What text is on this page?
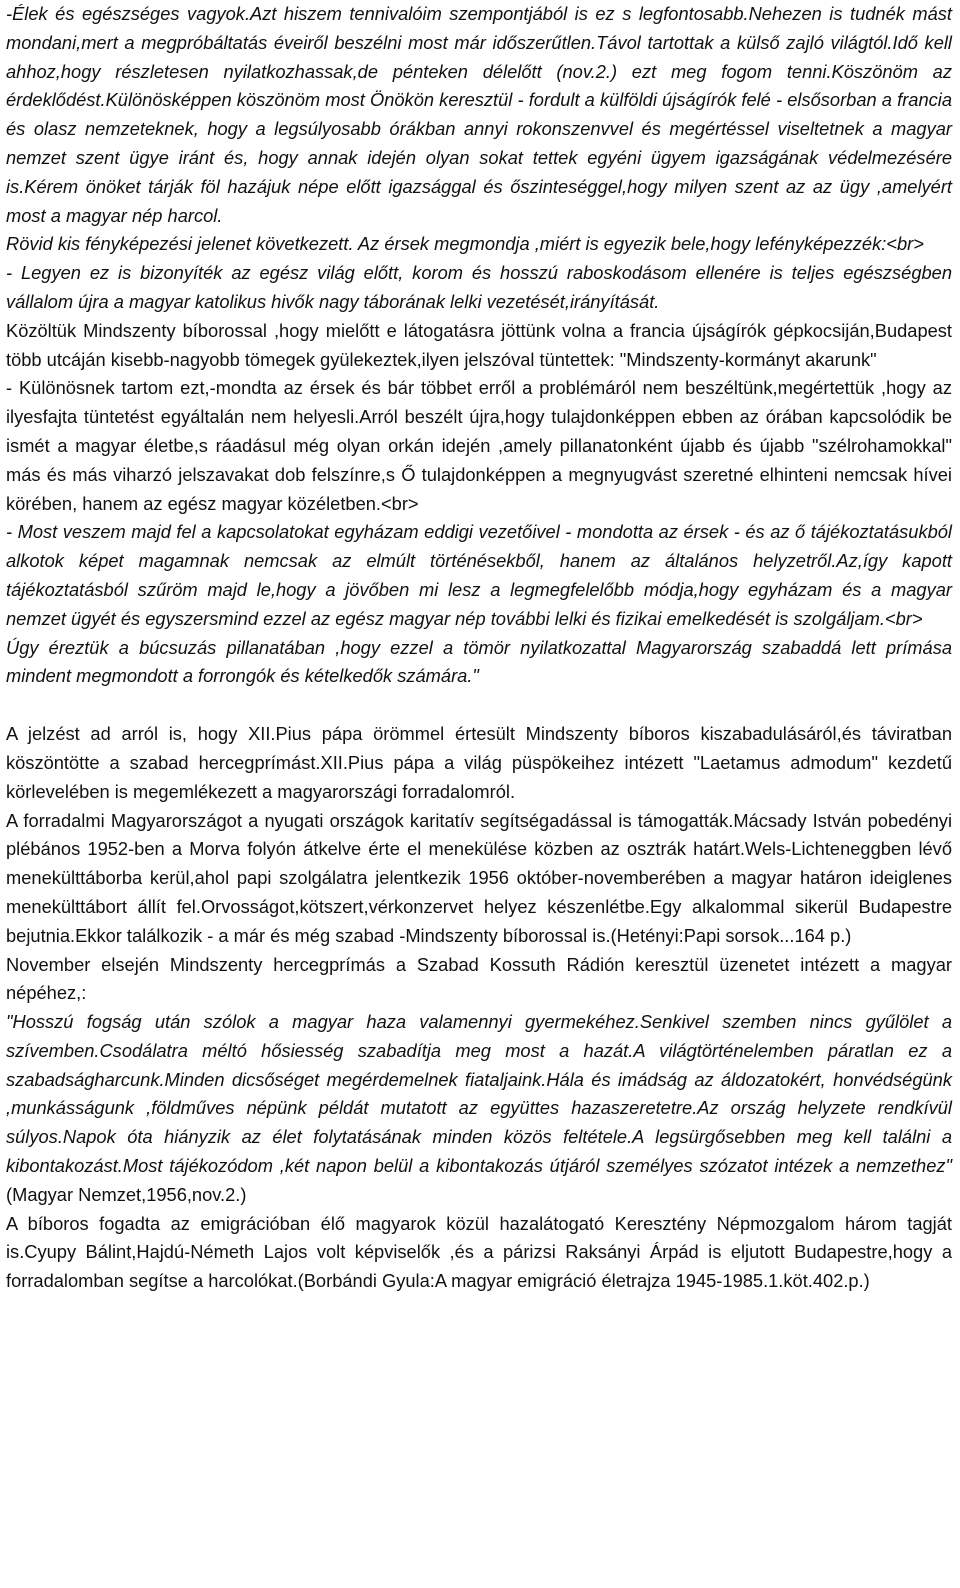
-Élek és egészséges vagyok.Azt hiszem tennivalóim szempontjából is ez s legfontosabb.Nehezen is tudnék mást mondani,mert a megpróbáltatás éveiről beszélni most már időszerűtlen.Távol tartottak a külső zajló világtól.Idő kell ahhoz,hogy részletesen nyilatkozhassak,de pénteken délelőtt (nov.2.) ezt meg fogom tenni.Köszönöm az érdeklődést.Különösképpen köszönöm most Önökön keresztül - fordult a külföldi újságírók felé - elsősorban a francia és olasz nemzeteknek, hogy a legsúlyosabb órákban annyi rokonszenvvel és megértéssel viseltetnek a magyar nemzet szent ügye iránt és, hogy annak idején olyan sokat tettek egyéni ügyem igazságának védelmezésére is.Kérem önöket tárják föl hazájuk népe előtt igazsággal és őszinteséggel,hogy milyen szent az az ügy ,amelyért most a magyar nép harcol.

Rövid kis fényképezési jelenet következett. Az érsek megmondja ,miért is egyezik bele,hogy lefényképezzék:<br>

- Legyen ez is bizonyíték az egész világ előtt, korom és hosszú raboskodásom ellenére is teljes egészségben vállalom újra a magyar katolikus hivők nagy táborának lelki vezetését,irányítását.

Közöltük Mindszenty bíborossal ,hogy mielőtt e látogatásra jöttünk volna a francia újságírók gépkocsiján,Budapest több utcáján kisebb-nagyobb tömegek gyülekeztek,ilyen jelszóval tüntettek: "Mindszenty-kormányt akarunk"

- Különösnek tartom ezt,-mondta az érsek és bár többet erről a problémáról nem beszéltünk,megértettük ,hogy az ilyesfajta tüntetést egyáltalán nem helyesli.Arról beszélt újra,hogy tulajdonképpen ebben az órában kapcsolódik be ismét a magyar életbe,s ráadásul még olyan orkán idején ,amely pillanatonként újabb és újabb "szélrohamokkal" más és más viharzó jelszavakat dob felszínre,s Ő tulajdonképpen a megnyugvást szeretné elhinteni nemcsak hívei körében, hanem az egész magyar közéletben.<br>

- Most veszem majd fel a kapcsolatokat egyházam eddigi vezetőivel - mondotta az érsek - és az ő tájékoztatásukból alkotok képet magamnak nemcsak az elmúlt történésekből, hanem az általános helyzetről.Az,így kapott tájékoztatásból szűröm majd le,hogy a jövőben mi lesz a legmegfelelőbb módja,hogy egyházam és a magyar nemzet ügyét és egyszersmind ezzel az egész magyar nép további lelki és fizikai emelkedését is szolgáljam.<br>

Úgy éreztük a búcsuzás pillanatában ,hogy ezzel a tömör nyilatkozattal Magyarország szabaddá lett prímása mindent megmondott a forrongók és kételkedők számára."

A jelzést ad arról is, hogy XII.Pius pápa örömmel értesült Mindszenty bíboros kiszabadulásáról,és táviratban köszöntötte a szabad hercegprímást.XII.Pius pápa a világ püspökeihez intézett "Laetamus admodum" kezdetű körlevelében is megemlékezett a magyarországi forradalomról.

A forradalmi Magyarországot a nyugati országok karitatív segítségadással is támogatták.Mácsady István pobedényi plébános 1952-ben a Morva folyón átkelve érte el menekülése közben az osztrák határt.Wels-Lichteneggben lévő menekülttáborba kerül,ahol papi szolgálatra jelentkezik 1956 október-novemberében a magyar határon ideiglenes menekülttábort állít fel.Orvosságot,kötszert,vérkonzervet helyez készenlétbe.Egy alkalommal sikerül Budapestre bejutnia.Ekkor találkozik - a már és még szabad -Mindszenty bíborossal is.(Hetényi:Papi sorsok...164 p.)

November elsején Mindszenty hercegprímás a Szabad Kossuth Rádión keresztül üzenetet intézett a magyar népéhez,:

"Hosszú fogság után szólok a magyar haza valamennyi gyermekéhez.Senkivel szemben nincs gyűlölet a szívemben.Csodálatra méltó hősiesség szabadítja meg most a hazát.A világtörténelemben páratlan ez a szabadságharcunk.Minden dicsőséget megérdemelnek fiataljaink.Hála és imádság az áldozatokért, honvédségünk ,munkásságunk ,földműves népünk példát mutatott az együttes hazaszeretetre.Az ország helyzete rendkívül súlyos.Napok óta hiányzik az élet folytatásának minden közös feltétele.A legsürgősebben meg kell találni a kibontakozást.Most tájékozódom ,két napon belül a kibontakozás útjáról személyes szózatot intézek a nemzethez"(Magyar Nemzet,1956,nov.2.)

A bíboros fogadta az emigrációban élő magyarok közül hazalátogató Keresztény Népmozgalom három tagját is.Cyupy Bálint,Hajdú-Németh Lajos volt képviselők ,és a párizsi Raksányi Árpád is eljutott Budapestre,hogy a forradalomban segítse a harcolókat.(Borbándi Gyula:A magyar emigráció életrajza 1945-1985.1.köt.402.p.)
